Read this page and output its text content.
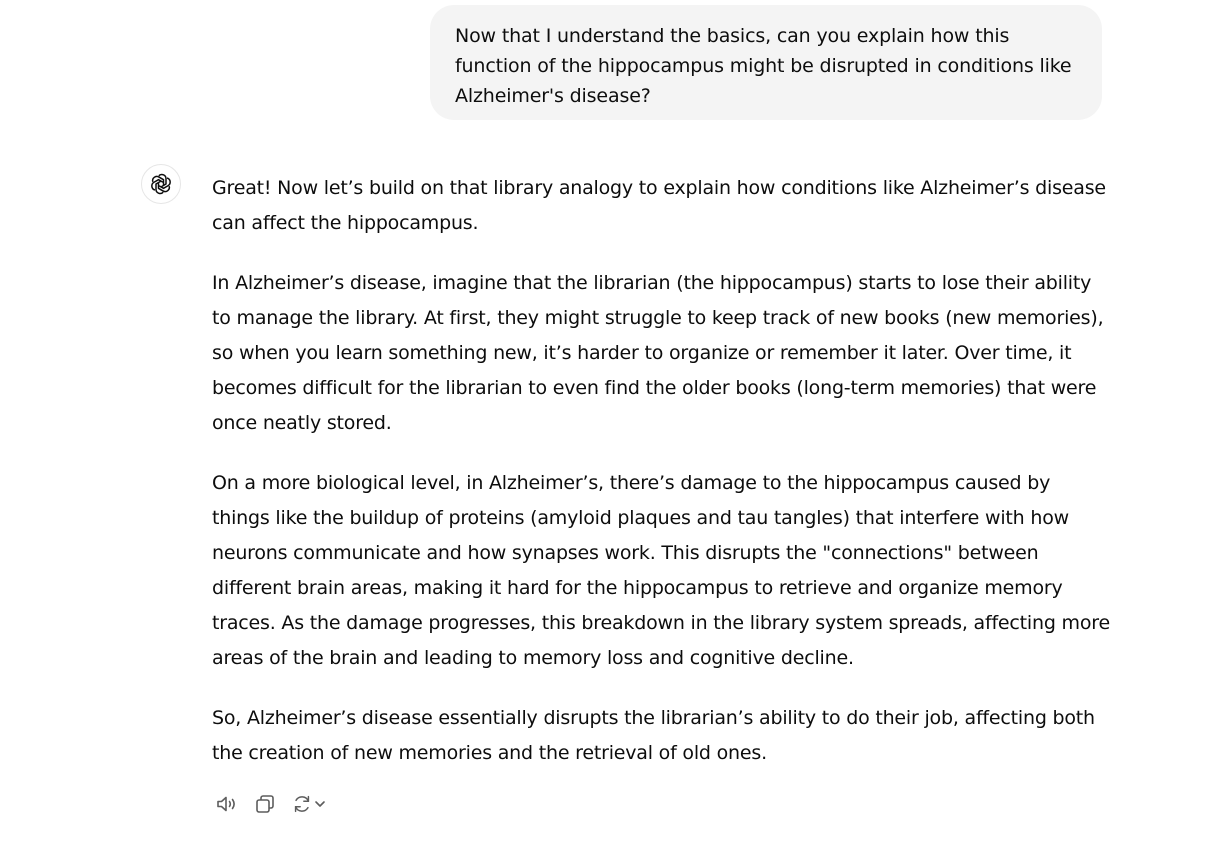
Now that I understand the basics, can you explain how this function of the hippocampus might be disrupted in conditions like Alzheimer's disease?

Great! Now let’s build on that library analogy to explain how conditions like Alzheimer’s disease can affect the hippocampus.

In Alzheimer’s disease, imagine that the librarian (the hippocampus) starts to lose their ability to manage the library. At first, they might struggle to keep track of new books (new memories), so when you learn something new, it’s harder to organize or remember it later. Over time, it becomes difficult for the librarian to even find the older books (long-term memories) that were once neatly stored.

On a more biological level, in Alzheimer’s, there’s damage to the hippocampus caused by things like the buildup of proteins (amyloid plaques and tau tangles) that interfere with how neurons communicate and how synapses work. This disrupts the "connections" between different brain areas, making it hard for the hippocampus to retrieve and organize memory traces. As the damage progresses, this breakdown in the library system spreads, affecting more areas of the brain and leading to memory loss and cognitive decline.

So, Alzheimer’s disease essentially disrupts the librarian’s ability to do their job, affecting both the creation of new memories and the retrieval of old ones.
